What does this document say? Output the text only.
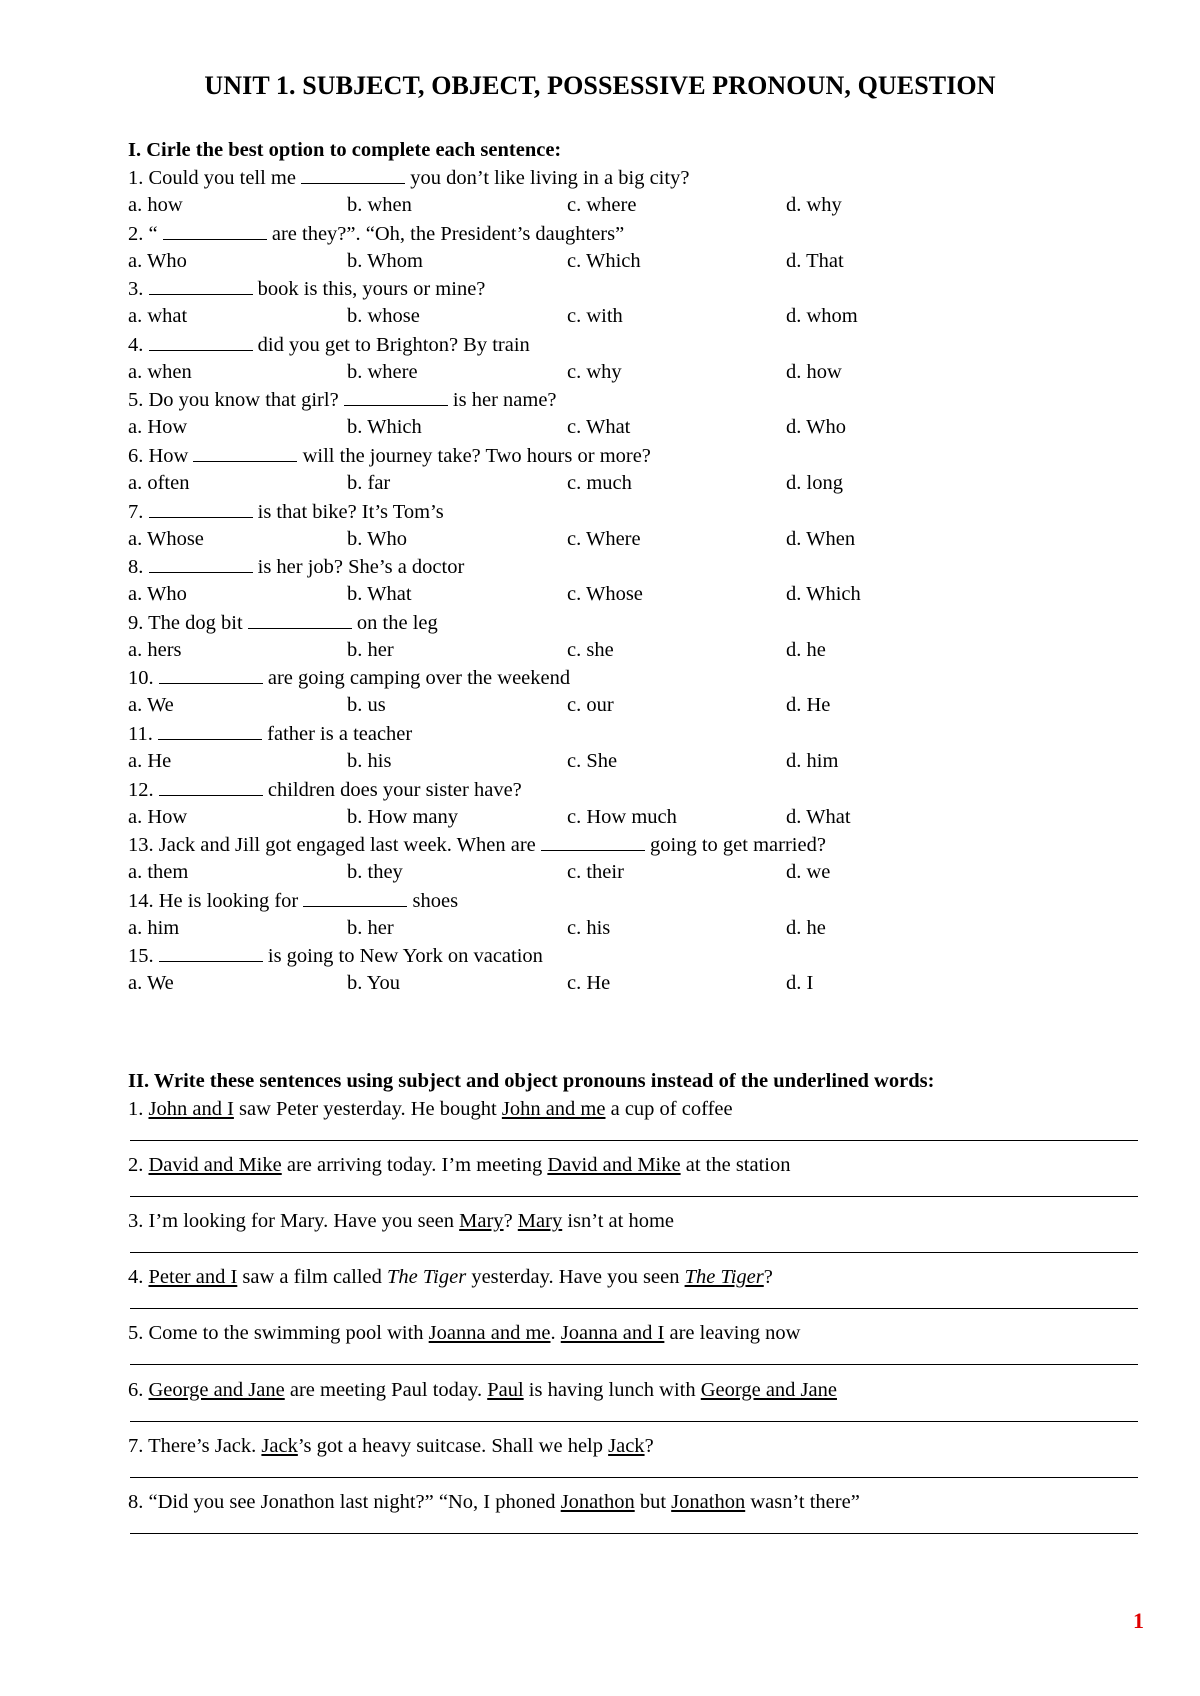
UNIT 1. SUBJECT, OBJECT, POSSESSIVE PRONOUN, QUESTION
I. Cirle the best option to complete each sentence:
1. Could you tell me	you don’t like living in a big city?
a. how	b. when	c. where	d. why
2. “	are they?”. “Oh, the President’s daughters”
a. Who	b. Whom	c. Which	d. That
3.	book is this, yours or mine?
a. what	b. whose	c. with	d. whom
4.	did you get to Brighton? By train
a. when	b. where	c. why	d. how
5. Do you know that girl?	is her name?
a. How	b. Which	c. What	d. Who
6. How	will the journey take? Two hours or more?
a. often	b. far	c. much	d. long
7.	is that bike? It’s Tom’s
a. Whose	b. Who	c. Where	d. When
8.	is her job? She’s a doctor
a. Who	b. What	c. Whose	d. Which
9. The dog bit	on the leg
a. hers	b. her	c. she	d. he
10.	are going camping over the weekend
a. We	b. us	c. our	d. He
11.	father is a teacher
a. He	b. his	c. She	d. him
12.	children does your sister have?
a. How	b. How many	c. How much	d. What
13. Jack and Jill got engaged last week. When are	going to get married?
a. them	b. they	c. their	d. we
14. He is looking for	shoes
a. him	b. her	c. his	d. he
15.	is going to New York on vacation
a. We	b. You	c. He	d. I
II. Write these sentences using subject and object pronouns instead of the underlined words:
1. John and I saw Peter yesterday. He bought John and me a cup of coffee
2. David and Mike are arriving today. I’m meeting David and Mike at the station
3. I’m looking for Mary. Have you seen Mary? Mary isn’t at home
4. Peter and I saw a film called The Tiger yesterday. Have you seen The Tiger?
5. Come to the swimming pool with Joanna and me. Joanna and I are leaving now
6. George and Jane are meeting Paul today. Paul is having lunch with George and Jane
7. There’s Jack. Jack’s got a heavy suitcase. Shall we help Jack?
8. “Did you see Jonathon last night?” “No, I phoned Jonathon but Jonathon wasn’t there”
1
